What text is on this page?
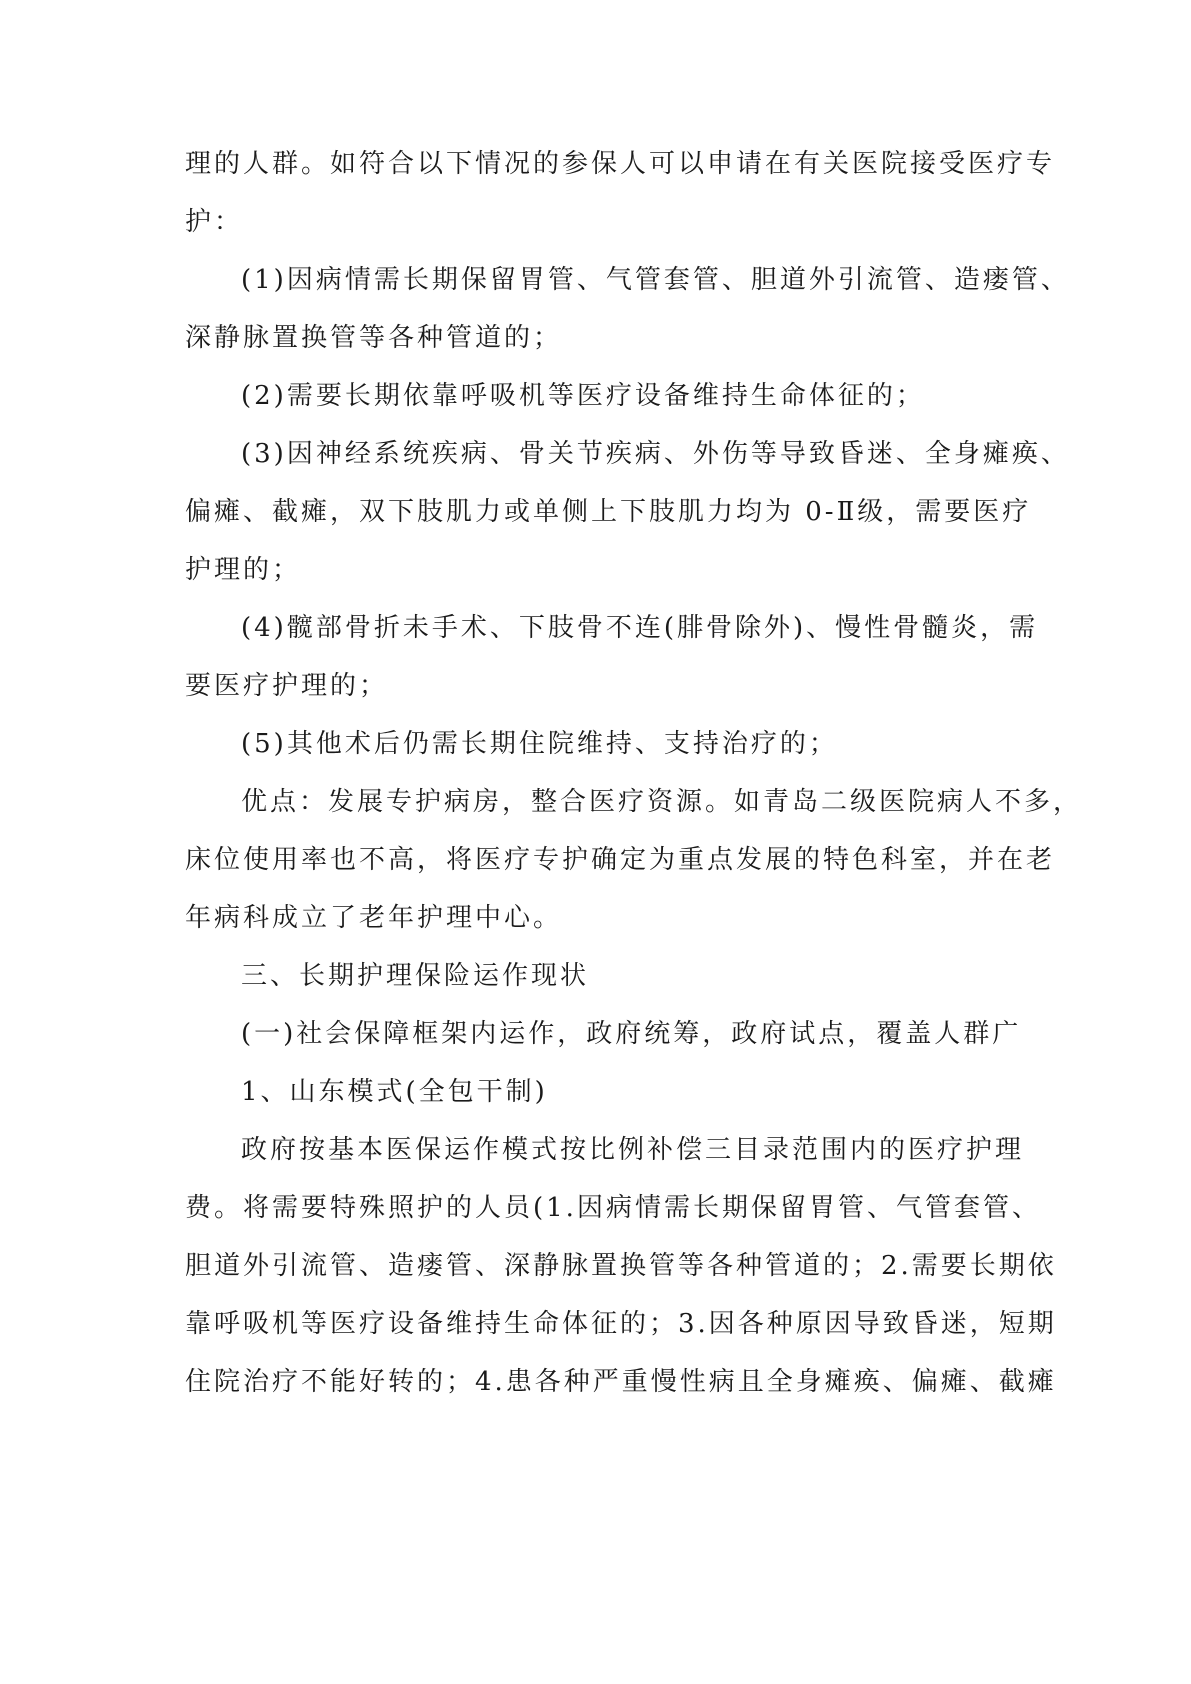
理的人群。如符合以下情况的参保人可以申请在有关医院接受医疗专
护：
(1)因病情需长期保留胃管、气管套管、胆道外引流管、造瘘管、
深静脉置换管等各种管道的；
(2)需要长期依靠呼吸机等医疗设备维持生命体征的；
(3)因神经系统疾病、骨关节疾病、外伤等导致昏迷、全身瘫痪、
偏瘫、截瘫，双下肢肌力或单侧上下肢肌力均为 0-Ⅱ级，需要医疗
护理的；
(4)髋部骨折未手术、下肢骨不连(腓骨除外)、慢性骨髓炎，需
要医疗护理的；
(5)其他术后仍需长期住院维持、支持治疗的；
优点：发展专护病房，整合医疗资源。如青岛二级医院病人不多，
床位使用率也不高，将医疗专护确定为重点发展的特色科室，并在老
年病科成立了老年护理中心。
三、长期护理保险运作现状
(一)社会保障框架内运作，政府统筹，政府试点，覆盖人群广
1、山东模式(全包干制)
政府按基本医保运作模式按比例补偿三目录范围内的医疗护理
费。将需要特殊照护的人员(1.因病情需长期保留胃管、气管套管、
胆道外引流管、造瘘管、深静脉置换管等各种管道的；2.需要长期依
靠呼吸机等医疗设备维持生命体征的；3.因各种原因导致昏迷，短期
住院治疗不能好转的；4.患各种严重慢性病且全身瘫痪、偏瘫、截瘫
